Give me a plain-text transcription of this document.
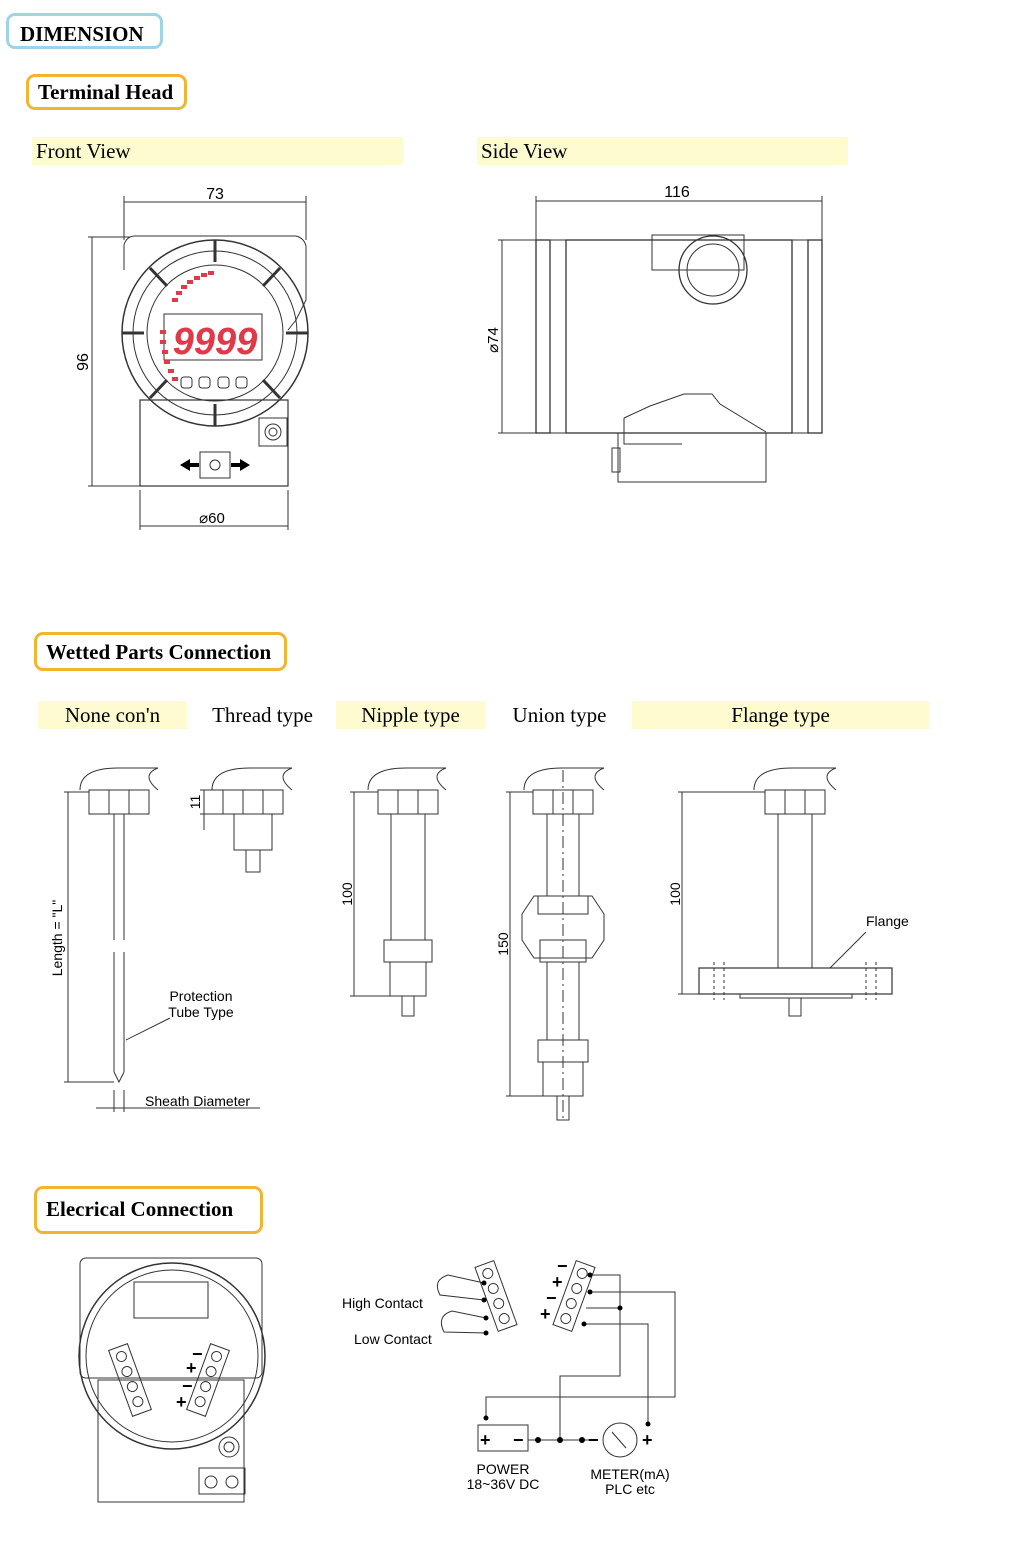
DIMENSION
Terminal Head
Wetted Parts Connection
Elecrical Connection
Front View	Side View
None con'n	Thread type	Nipple type	Union type	Flange type
9999
73
96
⌀60
116
⌀74
Length = "L"
Protection
Tube Type
Sheath Diameter
11
100
150
100
Flange
−
+
−
+
−
+
−
+
+ −	− +
High Contact
Low Contact
POWER
18~36V DC
METER(mA)
PLC etc
